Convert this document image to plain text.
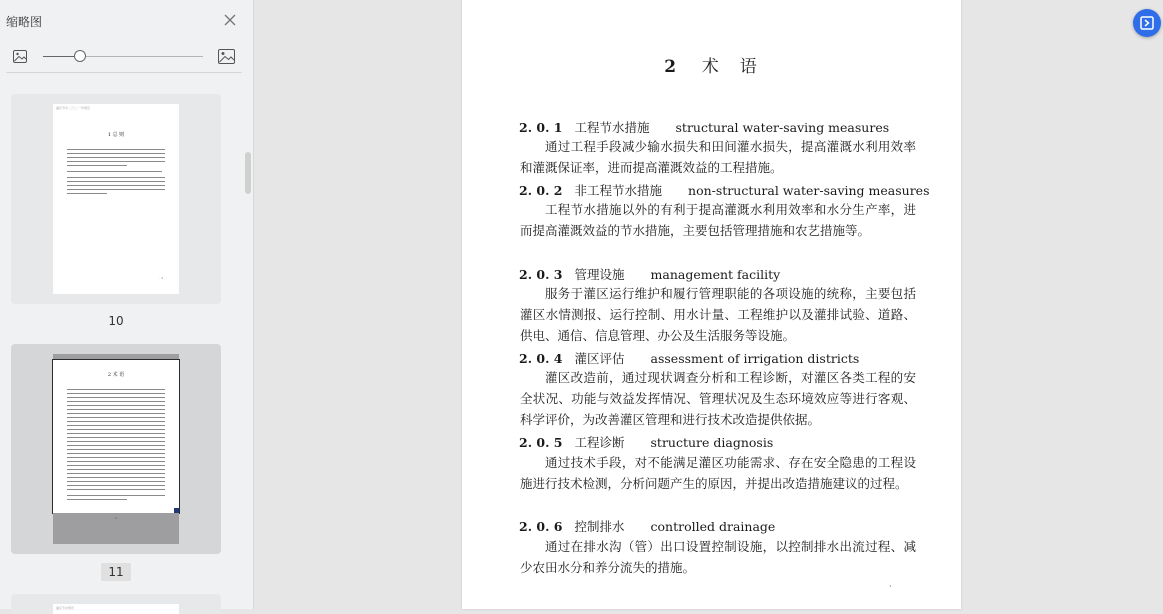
缩略图
灌区节水·二〇二一年规范
1 总 则
· 1 ·
10
2 术 语
· 2 ·
11
灌区节水规范
2 术　语
2. 0. 1 工程节水措施 structural water-saving measures

通过工程手段减少输水损失和田间灌水损失，提高灌溉水利用效率和灌溉保证率，进而提高灌溉效益的工程措施。

2. 0. 2 非工程节水措施 non-structural water-saving measures

工程节水措施以外的有利于提高灌溉水利用效率和水分生产率，进而提高灌溉效益的节水措施，主要包括管理措施和农艺措施等。

2. 0. 3 管理设施 management facility

服务于灌区运行维护和履行管理职能的各项设施的统称，主要包括灌区水情测报、运行控制、用水计量、工程维护以及灌排试验、道路、供电、通信、信息管理、办公及生活服务等设施。

2. 0. 4 灌区评估 assessment of irrigation districts

灌区改造前，通过现状调查分析和工程诊断，对灌区各类工程的安全状况、功能与效益发挥情况、管理状况及生态环境效应等进行客观、科学评价，为改善灌区管理和进行技术改造提供依据。

2. 0. 5 工程诊断 structure diagnosis

通过技术手段，对不能满足灌区功能需求、存在安全隐患的工程设施进行技术检测，分析问题产生的原因，并提出改造措施建议的过程。

2. 0. 6 控制排水 controlled drainage

通过在排水沟（管）出口设置控制设施，以控制排水出流过程、减少农田水分和养分流失的措施。

·
